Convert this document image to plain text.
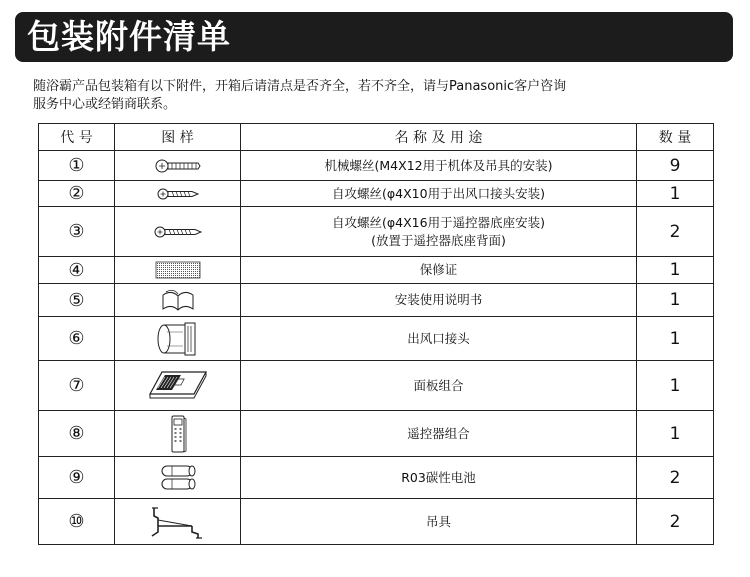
包装附件清单
随浴霸产品包装箱有以下附件，开箱后请清点是否齐全，若不齐全，请与Panasonic客户咨询
服务中心或经销商联系。
代 号	图 样	名 称 及 用 途	数 量
①		机械螺丝(M4X12用于机体及吊具的安装)	9
②		自攻螺丝(φ4X10用于出风口接头安装)	1
③		自攻螺丝(φ4X16用于遥控器底座安装)
(放置于遥控器底座背面)	2
④		保修证	1
⑤		安装使用说明书	1
⑥		出风口接头	1
⑦		面板组合	1
⑧		遥控器组合	1
⑨		R03碳性电池	2
⑩		吊具	2
